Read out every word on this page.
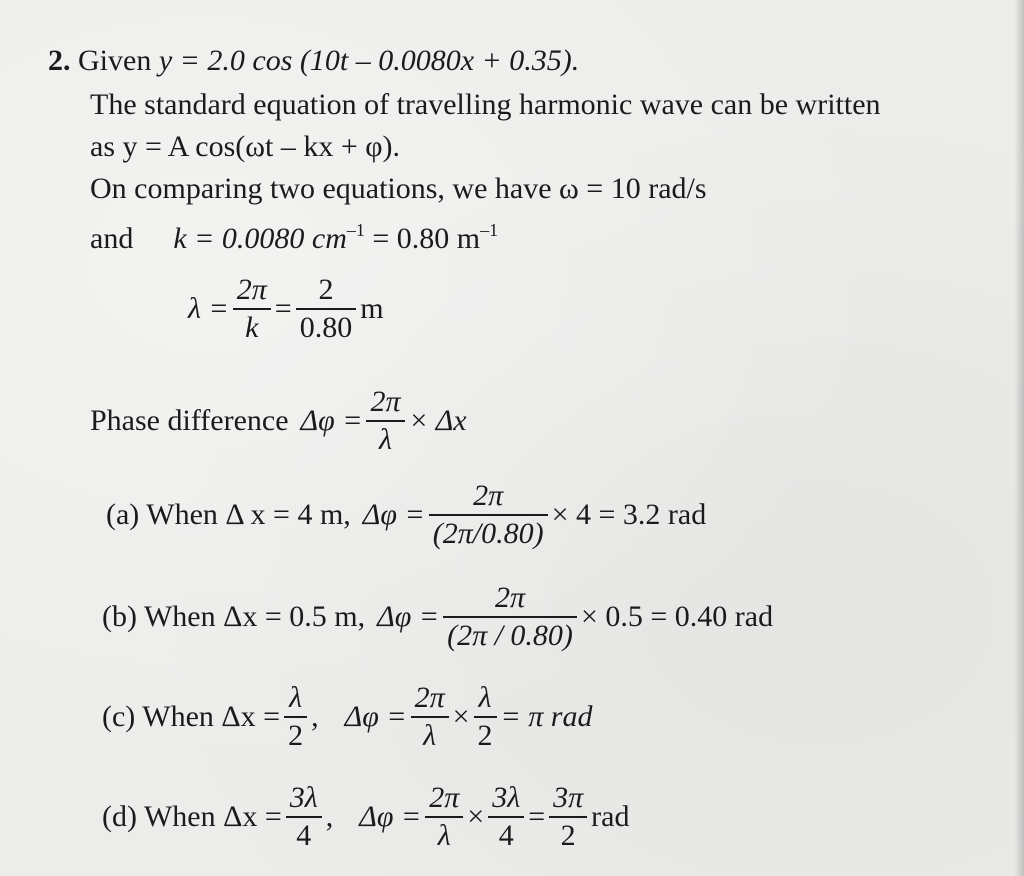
2. Given y = 2.0 cos (10t – 0.0080x + 0.35).
The standard equation of travelling harmonic wave can be written
as y = A cos(ωt – kx + φ).
On comparing two equations, we have ω = 10 rad/s
and k = 0.0080 $cm^{-1} = 0.80$ $m^{-1}$
$\lambda = \frac{2\pi}{k} = \frac{2}{0.80}$ m
Phase difference $\Delta\varphi = \frac{2\pi}{\lambda} \times \Delta x$
(a) When Δ x = 4 m, $\Delta\varphi = \frac{2\pi}{(2\pi/0.80)} \times 4 = 3.2$ rad
(b) When Δx = 0.5 m, $\Delta\varphi = \frac{2\pi}{(2\pi / 0.80)} \times 0.5 = 0.40$ rad
(c) When $\Delta x = \frac{\lambda}{2}$ , $\Delta\varphi = \frac{2\pi}{\lambda} \times \frac{\lambda}{2} = \pi$ rad
(d) When $\Delta x = \frac{3\lambda}{4}$ , $\Delta\varphi = \frac{2\pi}{\lambda} \times \frac{3\lambda}{4} = \frac{3\pi}{2}$ rad
